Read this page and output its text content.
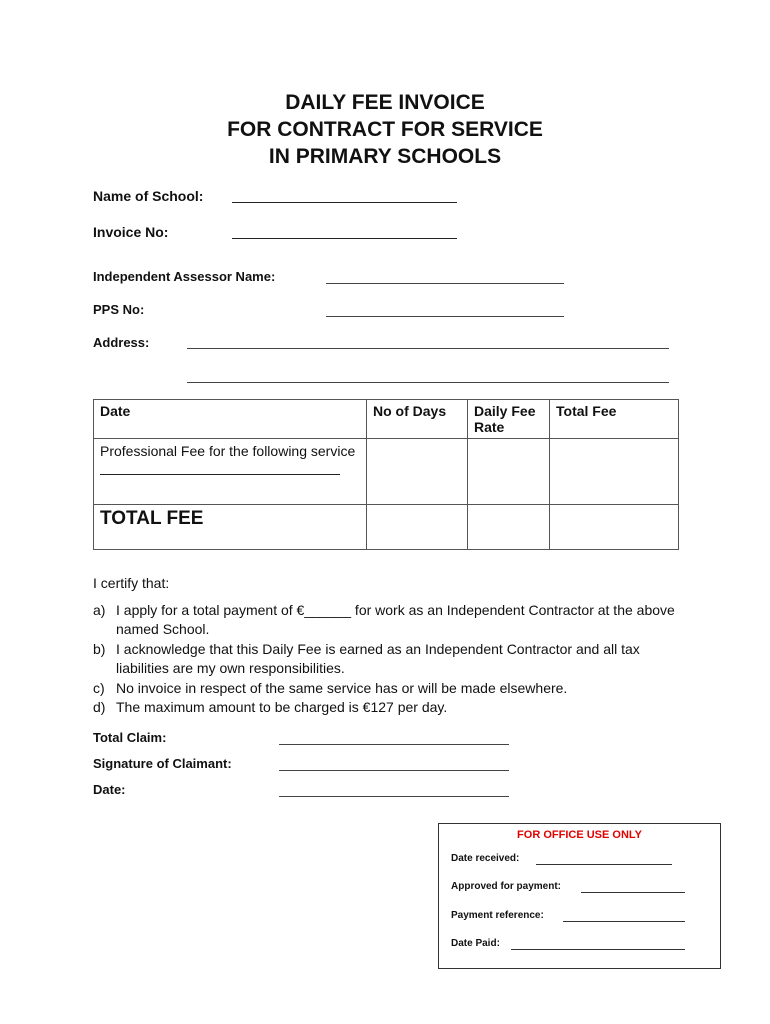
DAILY FEE INVOICE
FOR CONTRACT FOR SERVICE
IN PRIMARY SCHOOLS
Name of School:
Invoice No:
Independent Assessor Name:
PPS No:
Address:
Date	No of Days	Daily Fee Rate	Total Fee

Professional Fee for the following service			

TOTAL FEE			
I certify that:
a) I apply for a total payment of €______ for work as an Independent Contractor at the above named School.
b) I acknowledge that this Daily Fee is earned as an Independent Contractor and all tax liabilities are my own responsibilities.
c) No invoice in respect of the same service has or will be made elsewhere.
d) The maximum amount to be charged is €127 per day.
Total Claim:
Signature of Claimant:
Date:
FOR OFFICE USE ONLY
Date received:
Approved for payment:
Payment reference:
Date Paid:
